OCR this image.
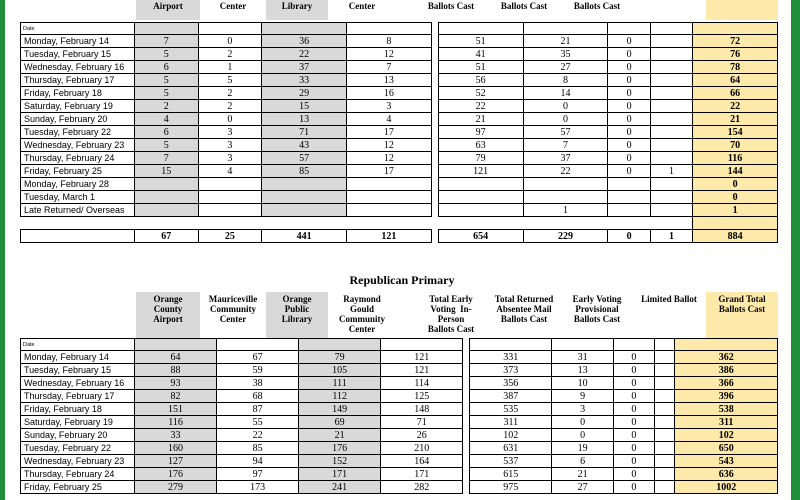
Airport	Center	Library	Center	Ballots Cast	Ballots Cast	Ballots Cast
Date										
Monday, February 14	7	0	36	8		51	21	0		72
Tuesday, February 15	5	2	22	12		41	35	0		76
Wednesday, February 16	6	1	37	7		51	27	0		78
Thursday, February 17	5	5	33	13		56	8	0		64
Friday, February 18	5	2	29	16		52	14	0		66
Saturday, February 19	2	2	15	3		22	0	0		22
Sunday, February 20	4	0	13	4		21	0	0		21
Tuesday, February 22	6	3	71	17		97	57	0		154
Wednesday, February 23	5	3	43	12		63	7	0		70
Thursday, February 24	7	3	57	12		79	37	0		116
Friday, February 25	15	4	85	17		121	22	0	1	144
Monday, February 28										0
Tuesday, March 1										0
Late Returned/ Overseas							1			1

	67	25	441	121		654	229	0	1	884
Republican Primary
Orange
County
Airport
Mauriceville
Community
Center
Orange
Public
Library
Raymond
Gould
Community
Center
Total Early
Voting  In-
Person
Ballots Cast
Total Returned
Absentee Mail
Ballots Cast
Early Voting
Provisional
Ballots Cast
Limited Ballot	Grand Total
Ballots Cast
Date										
Monday, February 14	64	67	79	121		331	31	0		362
Tuesday, February 15	88	59	105	121		373	13	0		386
Wednesday, February 16	93	38	111	114		356	10	0		366
Thursday, February 17	82	68	112	125		387	9	0		396
Friday, February 18	151	87	149	148		535	3	0		538
Saturday, February 19	116	55	69	71		311	0	0		311
Sunday, February 20	33	22	21	26		102	0	0		102
Tuesday, February 22	160	85	176	210		631	19	0		650
Wednesday, February 23	127	94	152	164		537	6	0		543
Thursday, February 24	176	97	171	171		615	21	0		636
Friday, February 25	279	173	241	282		975	27	0		1002
